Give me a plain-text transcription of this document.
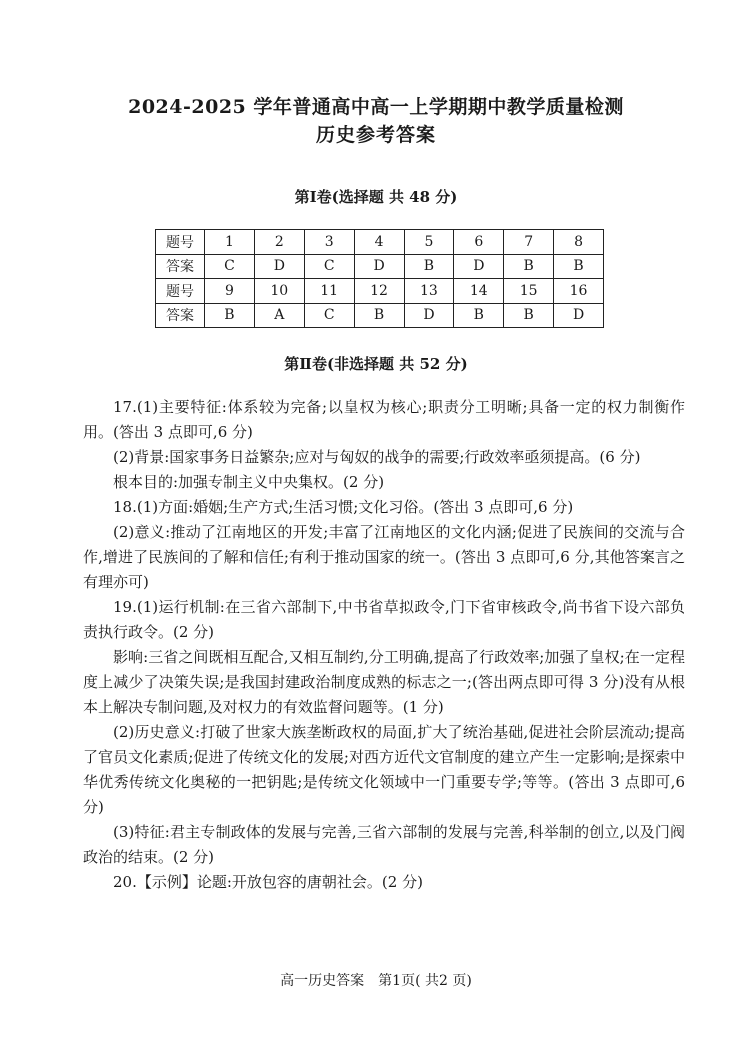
2024-2025 学年普通高中高一上学期期中教学质量检测
历史参考答案
第Ⅰ卷(选择题 共 48 分)
题号	1	2	3	4	5	6	7	8
答案	C	D	C	D	B	D	B	B
题号	9	10	11	12	13	14	15	16
答案	B	A	C	B	D	B	B	D
第Ⅱ卷(非选择题 共 52 分)

17.(1)主要特征:体系较为完备;以皇权为核心;职责分工明晰;具备一定的权力制衡作用。(答出 3 点即可,6 分)

(2)背景:国家事务日益繁杂;应对与匈奴的战争的需要;行政效率亟须提高。(6 分)

根本目的:加强专制主义中央集权。(2 分)

18.(1)方面:婚姻;生产方式;生活习惯;文化习俗。(答出 3 点即可,6 分)

(2)意义:推动了江南地区的开发;丰富了江南地区的文化内涵;促进了民族间的交流与合作,增进了民族间的了解和信任;有利于推动国家的统一。(答出 3 点即可,6 分,其他答案言之有理亦可)

19.(1)运行机制:在三省六部制下,中书省草拟政令,门下省审核政令,尚书省下设六部负责执行政令。(2 分)

影响:三省之间既相互配合,又相互制约,分工明确,提高了行政效率;加强了皇权;在一定程度上减少了决策失误;是我国封建政治制度成熟的标志之一;(答出两点即可得 3 分)没有从根本上解决专制问题,及对权力的有效监督问题等。(1 分)

(2)历史意义:打破了世家大族垄断政权的局面,扩大了统治基础,促进社会阶层流动;提高了官员文化素质;促进了传统文化的发展;对西方近代文官制度的建立产生一定影响;是探索中华优秀传统文化奥秘的一把钥匙;是传统文化领域中一门重要专学;等等。(答出 3 点即可,6 分)

(3)特征:君主专制政体的发展与完善,三省六部制的发展与完善,科举制的创立,以及门阀政治的结束。(2 分)

20.【示例】论题:开放包容的唐朝社会。(2 分)

高一历史答案　第1页( 共2 页)
